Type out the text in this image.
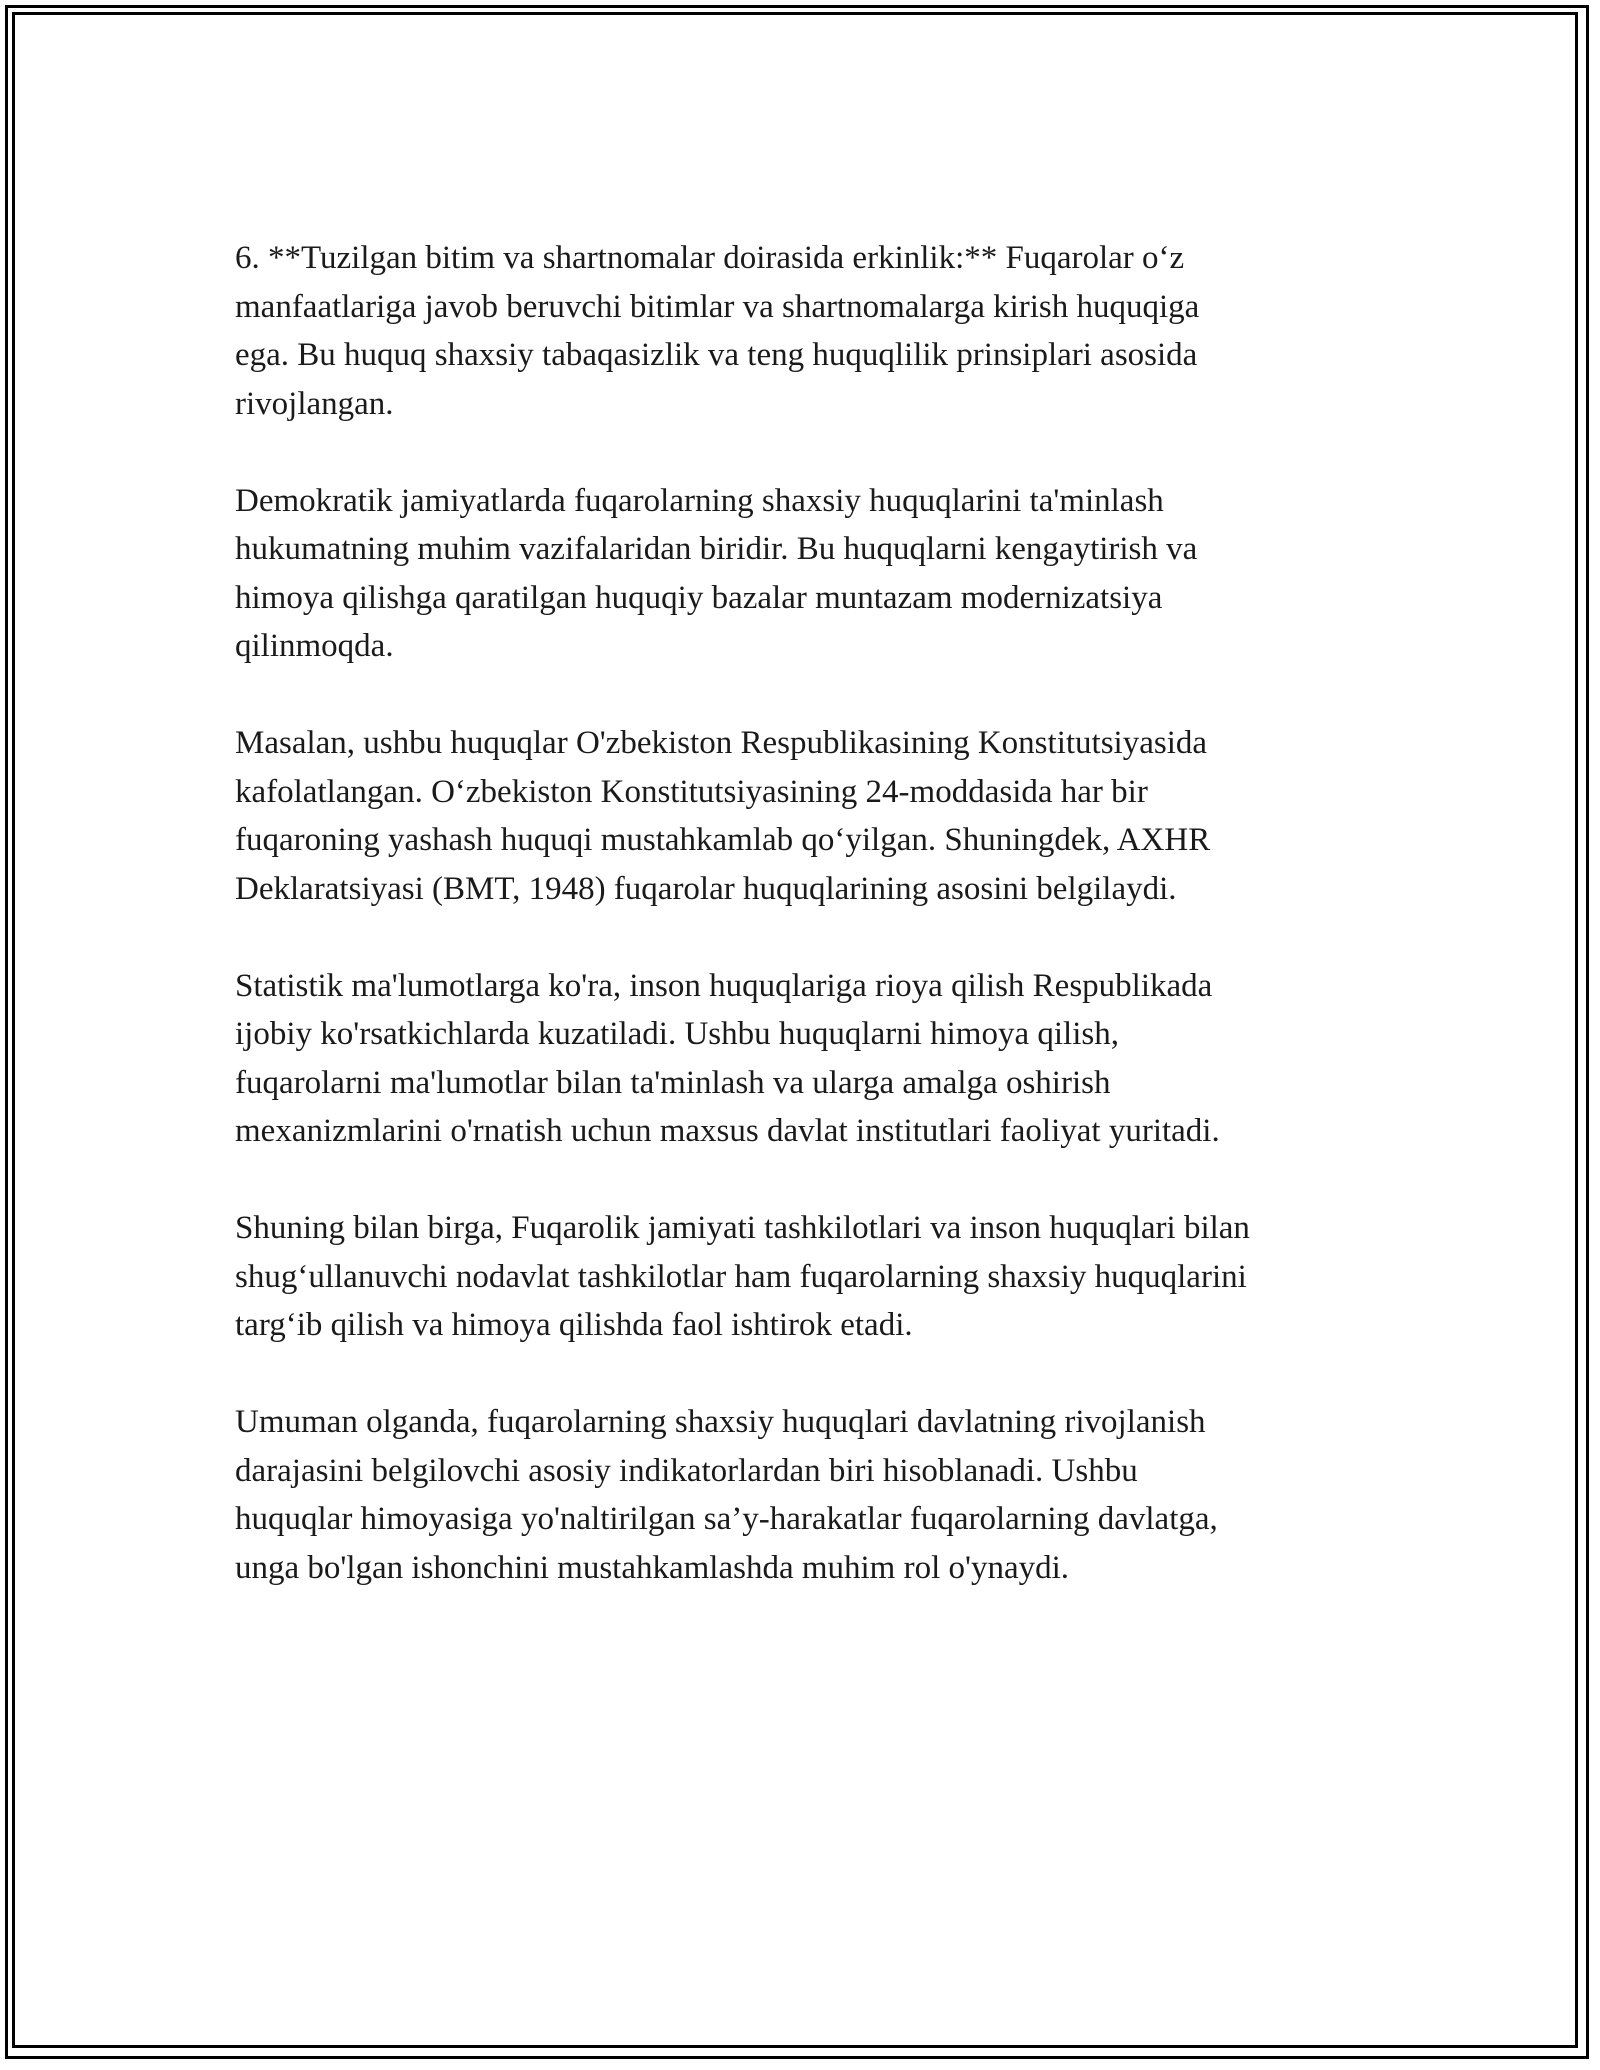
6. **Tuzilgan bitim va shartnomalar doirasida erkinlik:** Fuqarolar o‘z
manfaatlariga javob beruvchi bitimlar va shartnomalarga kirish huquqiga
ega. Bu huquq shaxsiy tabaqasizlik va teng huquqlilik prinsiplari asosida
rivojlangan.

Demokratik jamiyatlarda fuqarolarning shaxsiy huquqlarini ta'minlash
hukumatning muhim vazifalaridan biridir. Bu huquqlarni kengaytirish va
himoya qilishga qaratilgan huquqiy bazalar muntazam modernizatsiya
qilinmoqda.

Masalan, ushbu huquqlar O'zbekiston Respublikasining Konstitutsiyasida
kafolatlangan. O‘zbekiston Konstitutsiyasining 24-moddasida har bir
fuqaroning yashash huquqi mustahkamlab qo‘yilgan. Shuningdek, AXHR
Deklaratsiyasi (BMT, 1948) fuqarolar huquqlarining asosini belgilaydi.

Statistik ma'lumotlarga ko'ra, inson huquqlariga rioya qilish Respublikada
ijobiy ko'rsatkichlarda kuzatiladi. Ushbu huquqlarni himoya qilish,
fuqarolarni ma'lumotlar bilan ta'minlash va ularga amalga oshirish
mexanizmlarini o'rnatish uchun maxsus davlat institutlari faoliyat yuritadi.

Shuning bilan birga, Fuqarolik jamiyati tashkilotlari va inson huquqlari bilan
shug‘ullanuvchi nodavlat tashkilotlar ham fuqarolarning shaxsiy huquqlarini
targ‘ib qilish va himoya qilishda faol ishtirok etadi.

Umuman olganda, fuqarolarning shaxsiy huquqlari davlatning rivojlanish
darajasini belgilovchi asosiy indikatorlardan biri hisoblanadi. Ushbu
huquqlar himoyasiga yo'naltirilgan sa’y-harakatlar fuqarolarning davlatga,
unga bo'lgan ishonchini mustahkamlashda muhim rol o'ynaydi.
